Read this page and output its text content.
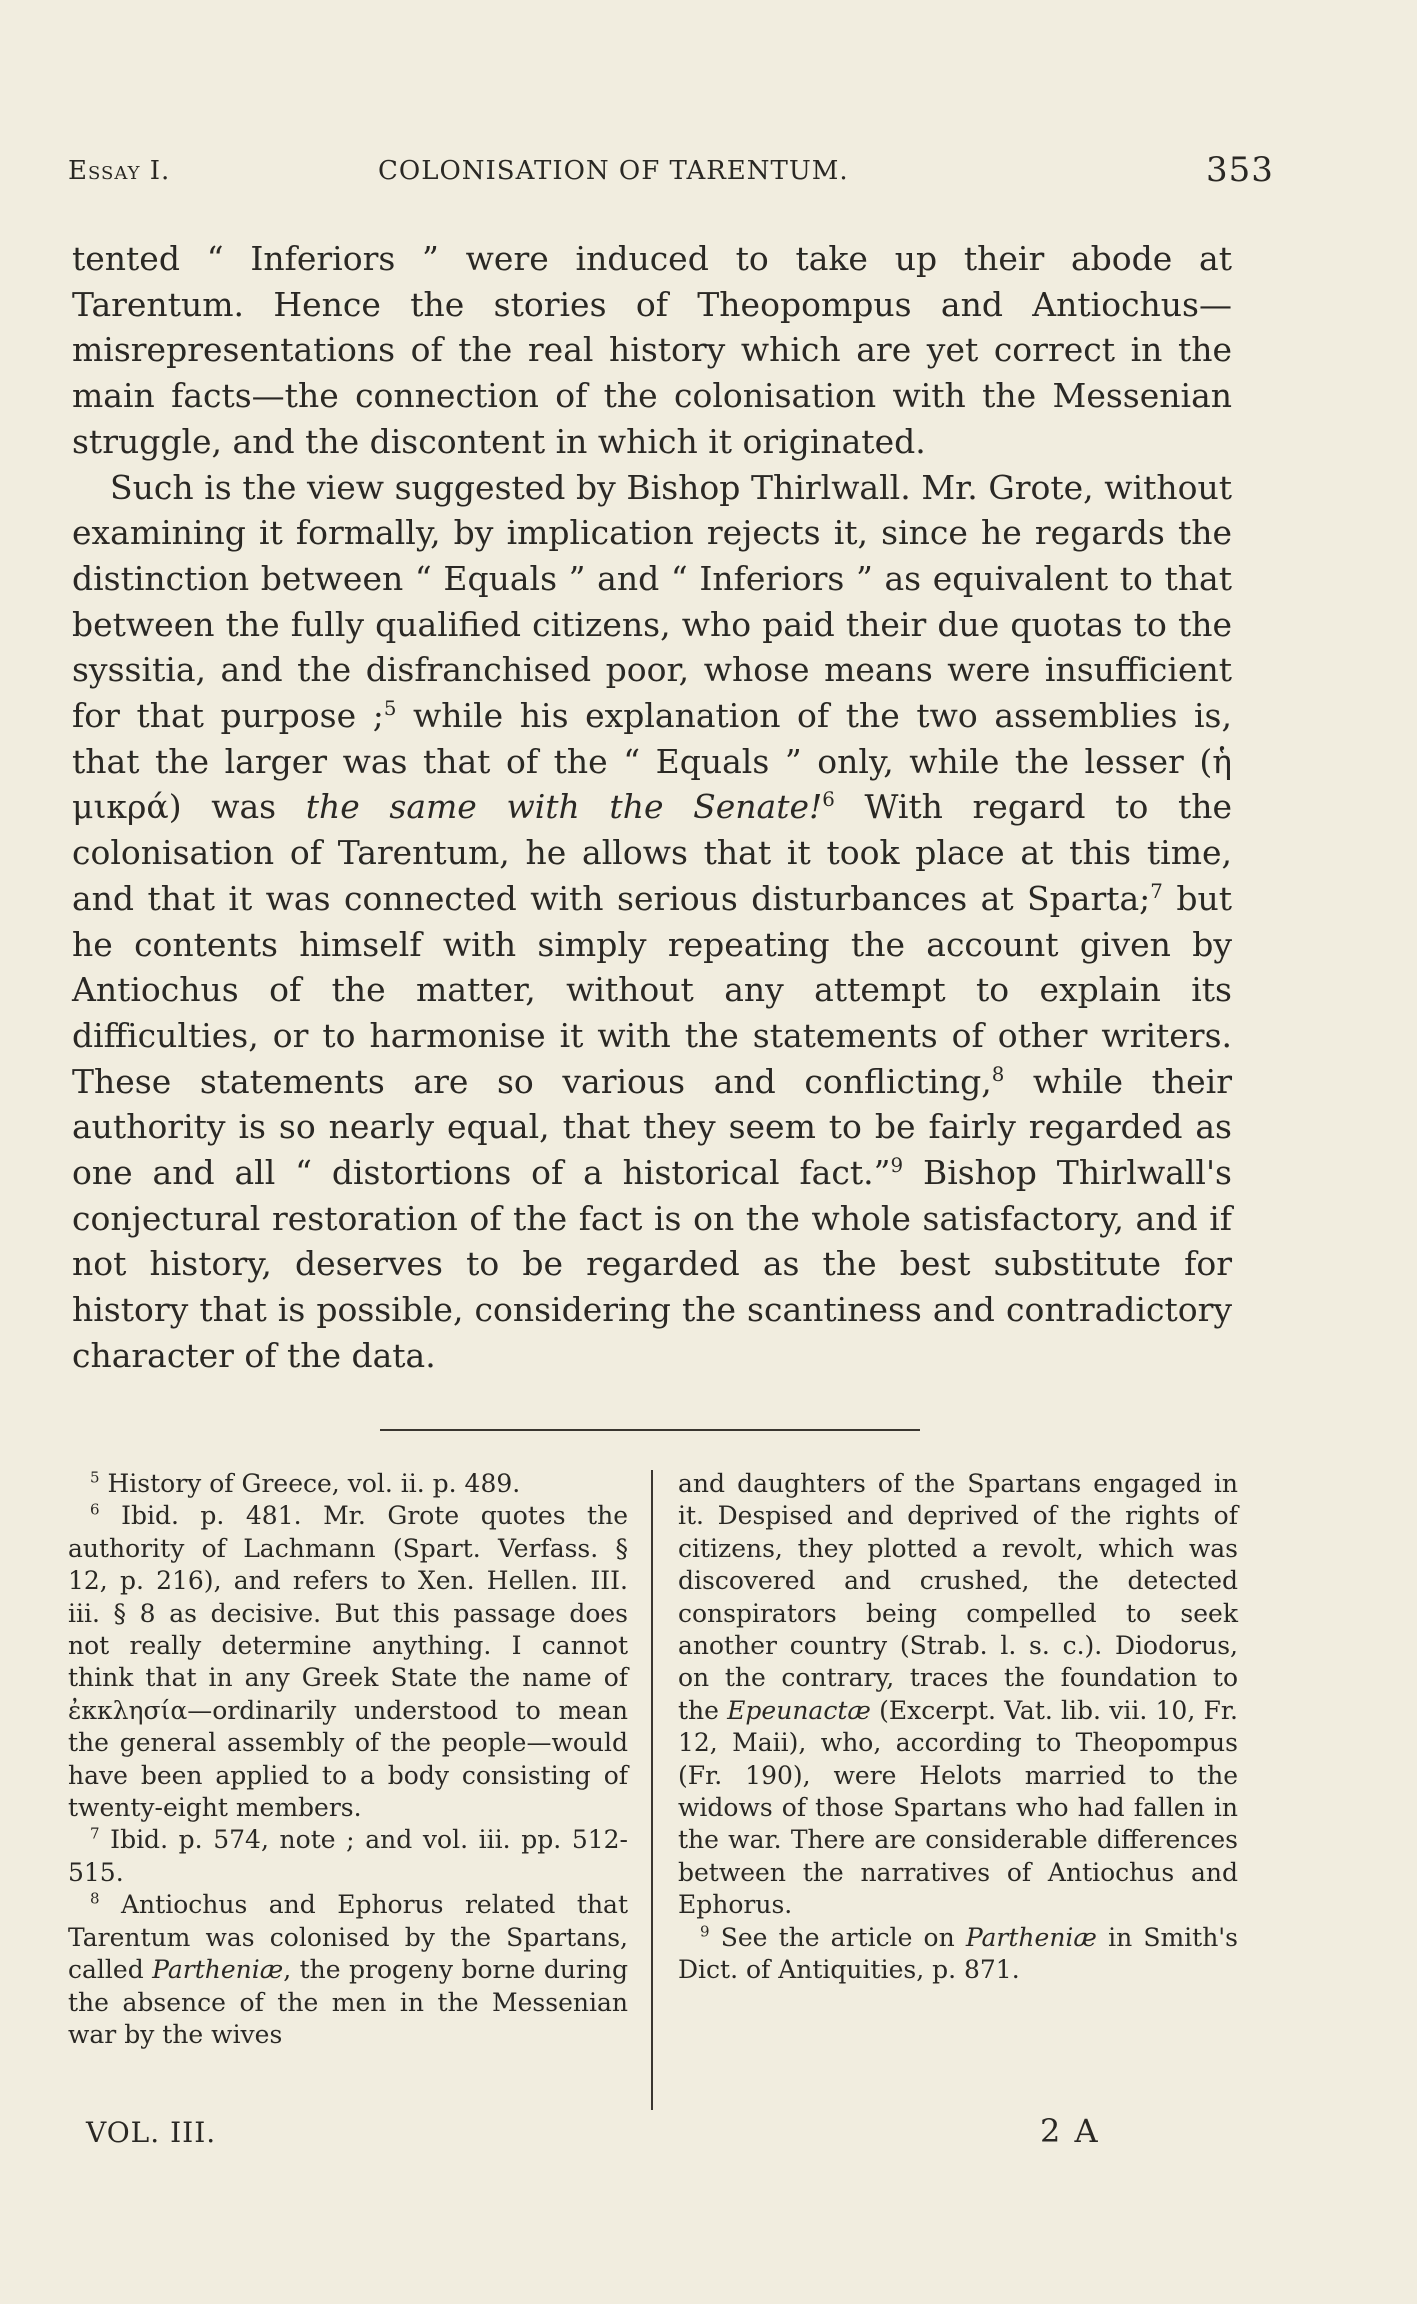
Essay I.	COLONISATION OF TARENTUM.	353

tented “ Inferiors ” were induced to take up their abode at Tarentum. Hence the stories of Theopompus and Antiochus—misrepresentations of the real history which are yet correct in the main facts—the connection of the colonisation with the Messenian struggle, and the discontent in which it originated.

Such is the view suggested by Bishop Thirlwall. Mr. Grote, without examining it formally, by implication rejects it, since he regards the distinction between “ Equals ” and “ Inferiors ” as equivalent to that between the fully qualified citizens, who paid their due quotas to the syssitia, and the disfranchised poor, whose means were insufficient for that purpose ;$^5$ while his explanation of the two assemblies is, that the larger was that of the “ Equals ” only, while the lesser (ἡ μικρά) was the same with the Senate!$^6$ With regard to the colonisation of Tarentum, he allows that it took place at this time, and that it was connected with serious disturbances at Sparta;$^7$ but he contents himself with simply repeating the account given by Antiochus of the matter, without any attempt to explain its difficulties, or to harmonise it with the statements of other writers. These statements are so various and conflicting,$^8$ while their authority is so nearly equal, that they seem to be fairly regarded as one and all “ distortions of a historical fact.”$^9$ Bishop Thirlwall's conjectural restoration of the fact is on the whole satisfactory, and if not history, deserves to be regarded as the best substitute for history that is possible, considering the scantiness and contradictory character of the data.

$^5$ History of Greece, vol. ii. p. 489.

$^6$ Ibid. p. 481. Mr. Grote quotes the authority of Lachmann (Spart. Verfass. § 12, p. 216), and refers to Xen. Hellen. III. iii. § 8 as decisive. But this passage does not really determine anything. I cannot think that in any Greek State the name of ἐκκλησία—ordinarily understood to mean the general assembly of the people—would have been applied to a body consisting of twenty-eight members.

$^7$ Ibid. p. 574, note ; and vol. iii. pp. 512-515.

$^8$ Antiochus and Ephorus related that Tarentum was colonised by the Spartans, called Partheniæ, the progeny borne during the absence of the men in the Messenian war by the wives

and daughters of the Spartans engaged in it. Despised and deprived of the rights of citizens, they plotted a revolt, which was discovered and crushed, the detected conspirators being compelled to seek another country (Strab. l. s. c.). Diodorus, on the contrary, traces the foundation to the Epeunactæ (Excerpt. Vat. lib. vii. 10, Fr. 12, Maii), who, according to Theopompus (Fr. 190), were Helots married to the widows of those Spartans who had fallen in the war. There are considerable differences between the narratives of Antiochus and Ephorus.

$^9$ See the article on Partheniæ in Smith's Dict. of Antiquities, p. 871.

VOL. III.	2 A
